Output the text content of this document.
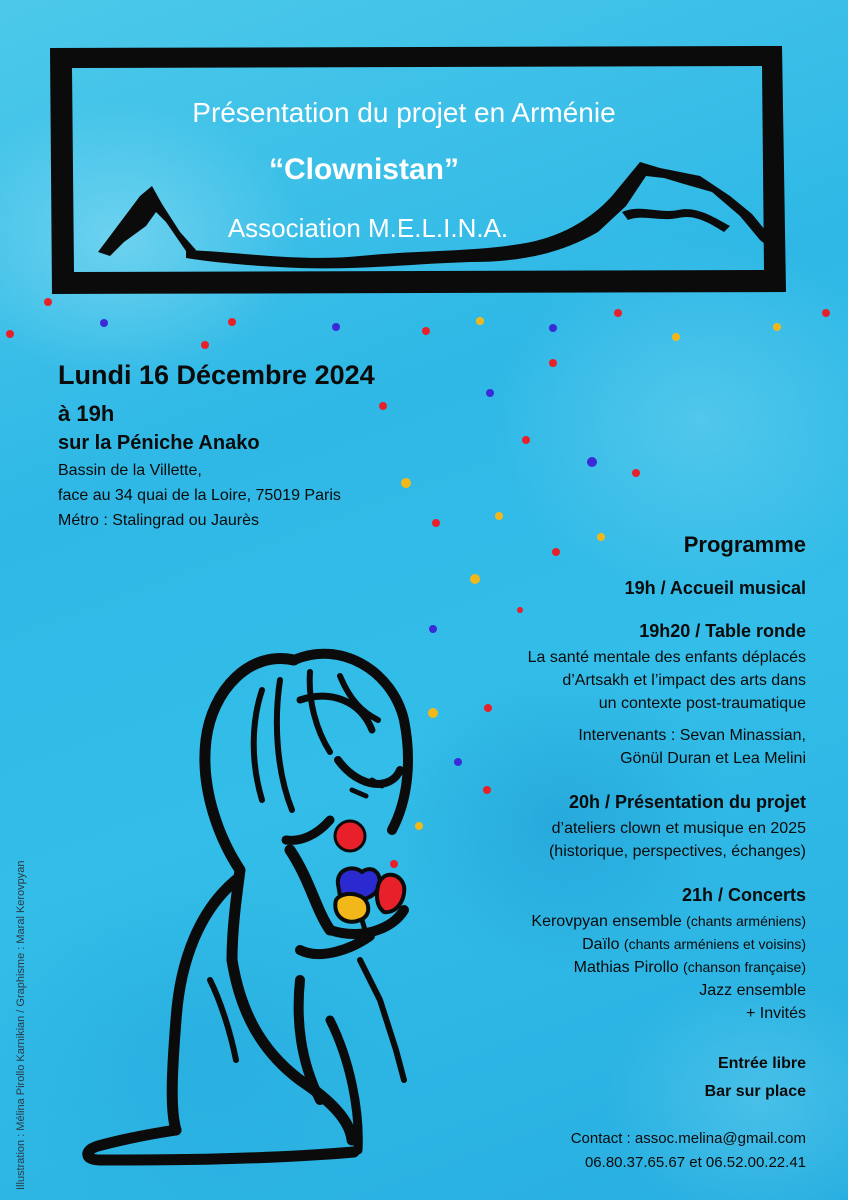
Présentation du projet en Arménie
“Clownistan”
Association M.E.L.I.N.A.
Lundi 16 Décembre 2024
à 19h
sur la Péniche Anako
Bassin de la Villette,
face au 34 quai de la Loire, 75019 Paris
Métro : Stalingrad ou Jaurès
Programme
19h / Accueil musical
19h20 / Table ronde
La santé mentale des enfants déplacés
d’Artsakh et l’impact des arts dans
un contexte post-traumatique
Intervenants : Sevan Minassian,
Gönül Duran et Lea Melini
20h / Présentation du projet
d’ateliers clown et musique en 2025
(historique, perspectives, échanges)
21h / Concerts
Kerovpyan ensemble (chants arméniens)
Daïlo (chants arméniens et voisins)
Mathias Pirollo (chanson française)
Jazz ensemble
+ Invités
Entrée libre
Bar sur place
Contact : assoc.melina@gmail.com
06.80.37.65.67 et 06.52.00.22.41
Illustration : Mélina Pirollo Karnikian / Graphisme : Maral Kerovpyan
